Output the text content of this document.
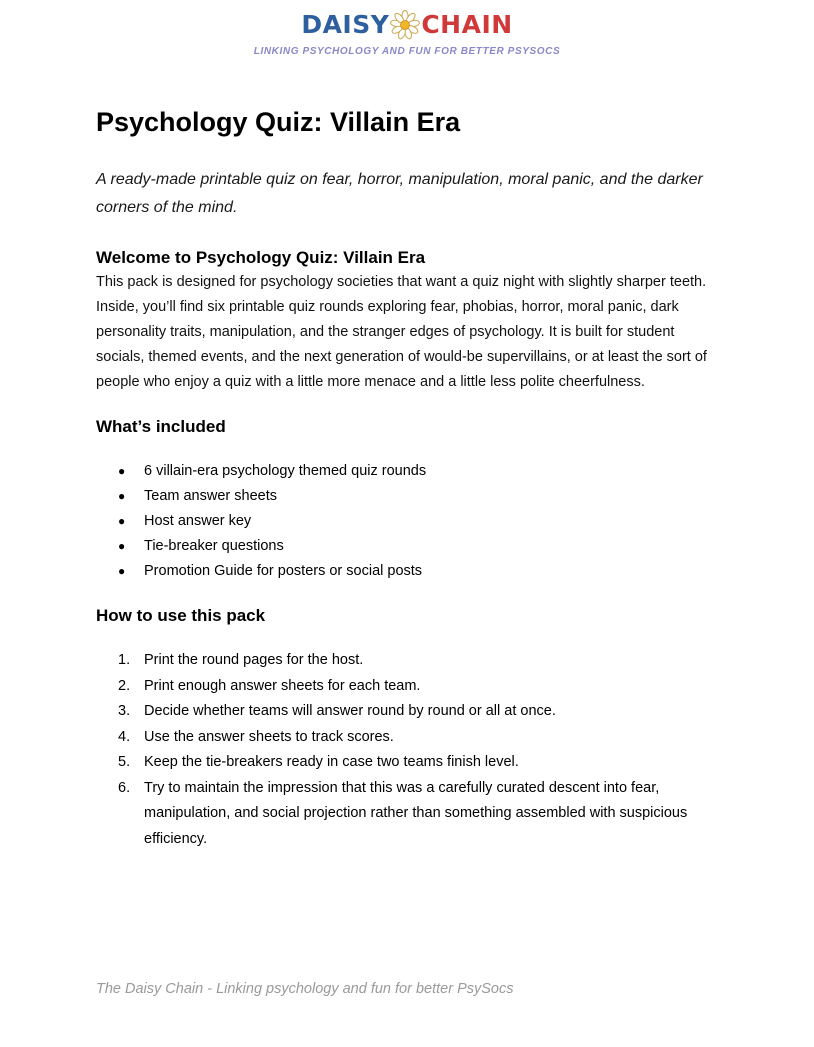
DAISY CHAIN
LINKING PSYCHOLOGY AND FUN FOR BETTER PSYSOCS
Psychology Quiz: Villain Era

A ready-made printable quiz on fear, horror, manipulation, moral panic, and the darker corners of the mind.

Welcome to Psychology Quiz: Villain Era

This pack is designed for psychology societies that want a quiz night with slightly sharper teeth.

Inside, you’ll find six printable quiz rounds exploring fear, phobias, horror, moral panic, dark personality traits, manipulation, and the stranger edges of psychology. It is built for student socials, themed events, and the next generation of would-be supervillains, or at least the sort of people who enjoy a quiz with a little more menace and a little less polite cheerfulness.

What’s included
● 6 villain-era psychology themed quiz rounds
● Team answer sheets
● Host answer key
● Tie-breaker questions
● Promotion Guide for posters or social posts
How to use this pack
1. Print the round pages for the host.
2. Print enough answer sheets for each team.
3. Decide whether teams will answer round by round or all at once.
4. Use the answer sheets to track scores.
5. Keep the tie-breakers ready in case two teams finish level.
6. Try to maintain the impression that this was a carefully curated descent into fear, manipulation, and social projection rather than something assembled with suspicious efficiency.
The Daisy Chain - Linking psychology and fun for better PsySocs
